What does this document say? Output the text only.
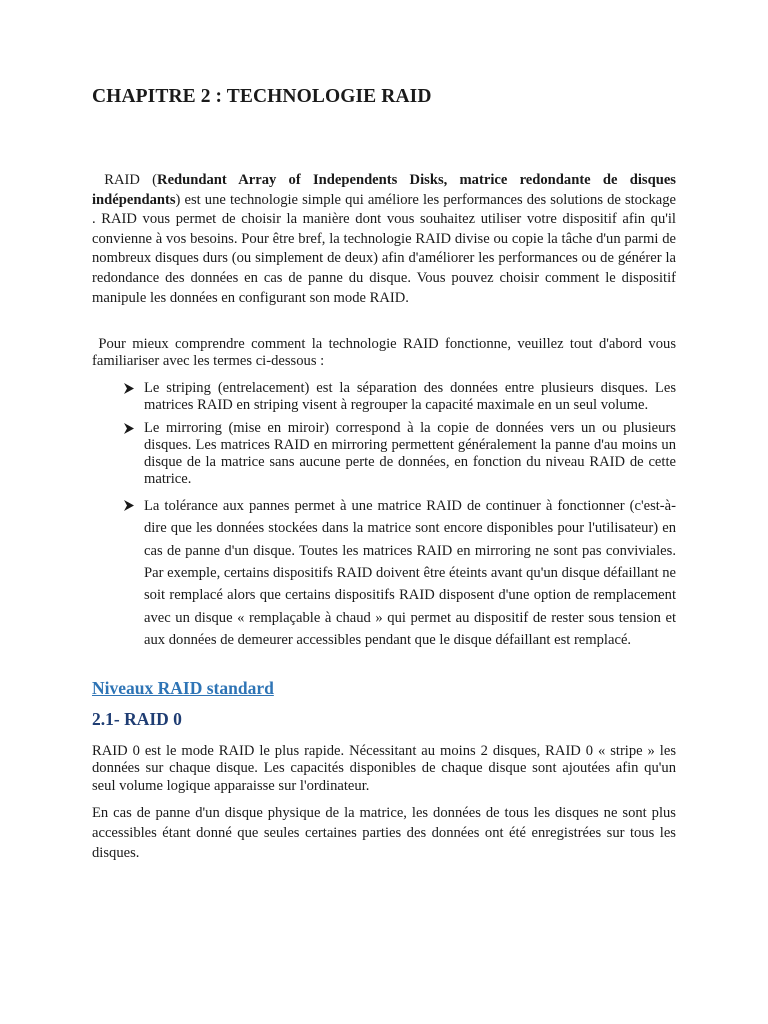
CHAPITRE 2 : TECHNOLOGIE RAID

RAID (Redundant Array of Independents Disks, matrice redondante de disques indépendants) est une technologie simple qui améliore les performances des solutions de stockage . RAID vous permet de choisir la manière dont vous souhaitez utiliser votre dispositif afin qu'il convienne à vos besoins. Pour être bref, la technologie RAID divise ou copie la tâche d'un parmi de nombreux disques durs (ou simplement de deux) afin d'améliorer les performances ou de générer la redondance des données en cas de panne du disque. Vous pouvez choisir comment le dispositif manipule les données en configurant son mode RAID.

Pour mieux comprendre comment la technologie RAID fonctionne, veuillez tout d'abord vous familiariser avec les termes ci-dessous :

Le striping (entrelacement) est la séparation des données entre plusieurs disques. Les matrices RAID en striping visent à regrouper la capacité maximale en un seul volume.
Le mirroring (mise en miroir) correspond à la copie de données vers un ou plusieurs disques. Les matrices RAID en mirroring permettent généralement la panne d'au moins un disque de la matrice sans aucune perte de données, en fonction du niveau RAID de cette matrice.
La tolérance aux pannes permet à une matrice RAID de continuer à fonctionner (c'est-à-dire que les données stockées dans la matrice sont encore disponibles pour l'utilisateur) en cas de panne d'un disque. Toutes les matrices RAID en mirroring ne sont pas conviviales. Par exemple, certains dispositifs RAID doivent être éteints avant qu'un disque défaillant ne soit remplacé alors que certains dispositifs RAID disposent d'une option de remplacement avec un disque « remplaçable à chaud » qui permet au dispositif de rester sous tension et aux données de demeurer accessibles pendant que le disque défaillant est remplacé.
Niveaux RAID standard
2.1- RAID 0

RAID 0 est le mode RAID le plus rapide. Nécessitant au moins 2 disques, RAID 0 « stripe » les données sur chaque disque. Les capacités disponibles de chaque disque sont ajoutées afin qu'un seul volume logique apparaisse sur l'ordinateur.

En cas de panne d'un disque physique de la matrice, les données de tous les disques ne sont plus accessibles étant donné que seules certaines parties des données ont été enregistrées sur tous les disques.
